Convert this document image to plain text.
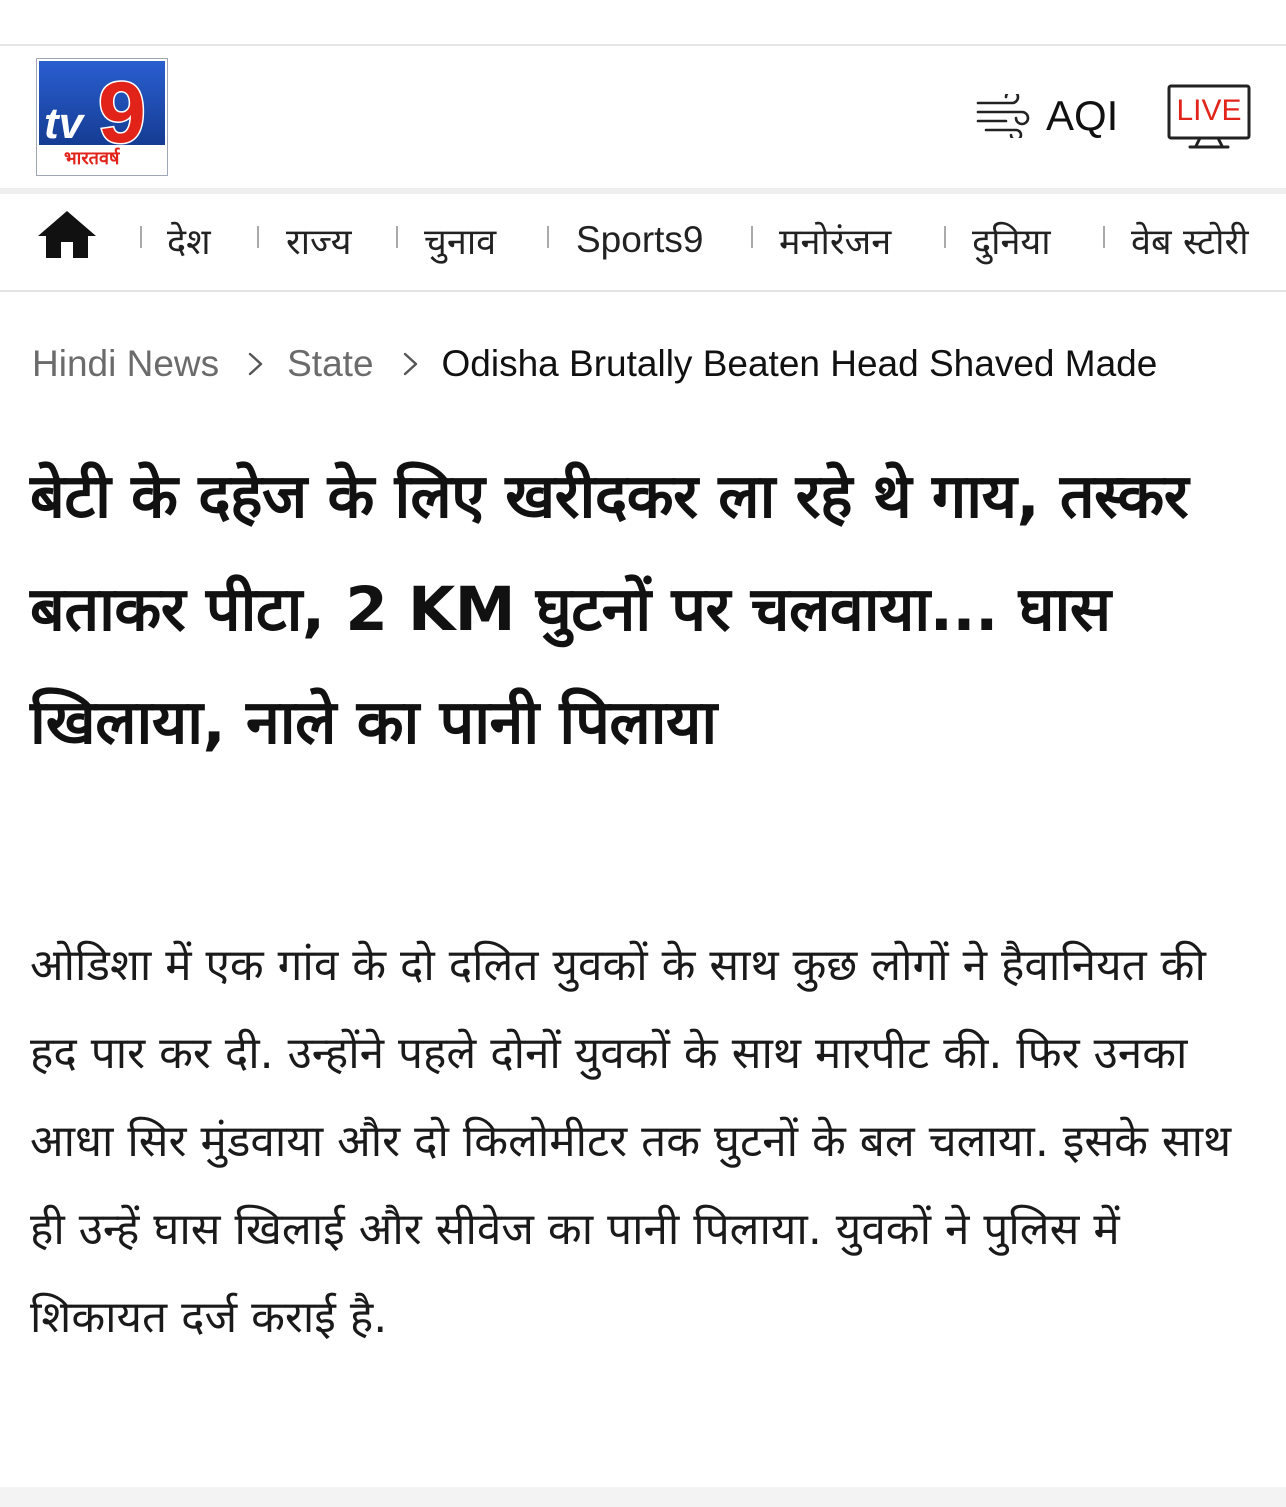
tv 9
भारतवर्ष
AQI LIVE
देश राज्य चुनाव Sports9 मनोरंजन दुनिया वेब स्टोरी
Hindi News State Odisha Brutally Beaten Head Shaved Made
बेटी के दहेज के लिए खरीदकर ला रहे थे गाय, तस्कर बताकर पीटा, 2 KM घुटनों पर चलवाया... घास खिलाया, नाले का पानी पिलाया

ओडिशा में एक गांव के दो दलित युवकों के साथ कुछ लोगों ने हैवानियत की हद पार कर दी. उन्होंने पहले दोनों युवकों के साथ मारपीट की. फिर उनका आधा सिर मुंडवाया और दो किलोमीटर तक घुटनों के बल चलाया. इसके साथ ही उन्हें घास खिलाई और सीवेज का पानी पिलाया. युवकों ने पुलिस में शिकायत दर्ज कराई है.
